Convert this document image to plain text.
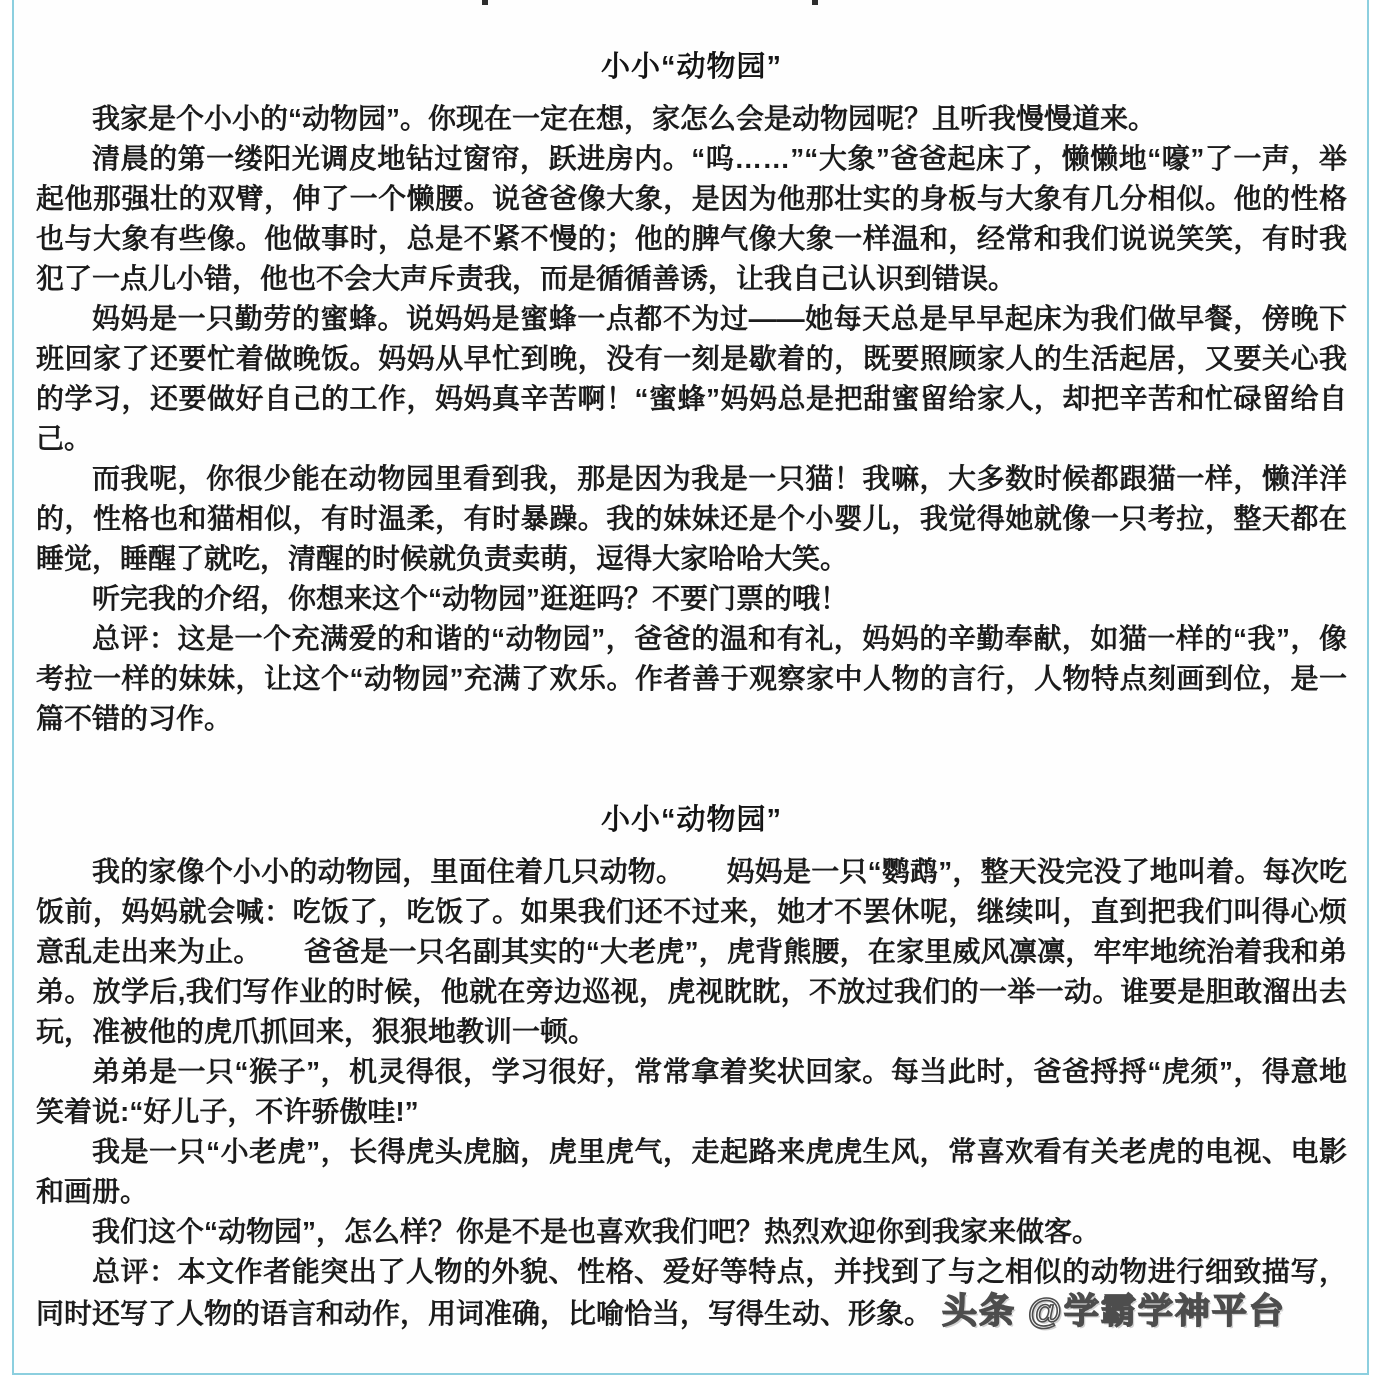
小小“动物园”

我家是个小小的“动物园”。你现在一定在想，家怎么会是动物园呢？且听我慢慢道来。

清晨的第一缕阳光调皮地钻过窗帘，跃进房内。“呜……”“大象”爸爸起床了，懒懒地“嚎”了一声，举起他那强壮的双臂，伸了一个懒腰。说爸爸像大象，是因为他那壮实的身板与大象有几分相似。他的性格也与大象有些像。他做事时，总是不紧不慢的；他的脾气像大象一样温和，经常和我们说说笑笑，有时我犯了一点儿小错，他也不会大声斥责我，而是循循善诱，让我自己认识到错误。

妈妈是一只勤劳的蜜蜂。说妈妈是蜜蜂一点都不为过——她每天总是早早起床为我们做早餐，傍晚下班回家了还要忙着做晚饭。妈妈从早忙到晚，没有一刻是歇着的，既要照顾家人的生活起居，又要关心我的学习，还要做好自己的工作，妈妈真辛苦啊！“蜜蜂”妈妈总是把甜蜜留给家人，却把辛苦和忙碌留给自己。

而我呢，你很少能在动物园里看到我，那是因为我是一只猫！我嘛，大多数时候都跟猫一样，懒洋洋的，性格也和猫相似，有时温柔，有时暴躁。我的妹妹还是个小婴儿，我觉得她就像一只考拉，整天都在睡觉，睡醒了就吃，清醒的时候就负责卖萌，逗得大家哈哈大笑。

听完我的介绍，你想来这个“动物园”逛逛吗？不要门票的哦！

总评：这是一个充满爱的和谐的“动物园”，爸爸的温和有礼，妈妈的辛勤奉献，如猫一样的“我”，像考拉一样的妹妹，让这个“动物园”充满了欢乐。作者善于观察家中人物的言行，人物特点刻画到位，是一篇不错的习作。

小小“动物园”

我的家像个小小的动物园，里面住着几只动物。　　妈妈是一只“鹦鹉”，整天没完没了地叫着。每次吃饭前，妈妈就会喊：吃饭了，吃饭了。如果我们还不过来，她才不罢休呢，继续叫，直到把我们叫得心烦意乱走出来为止。　　爸爸是一只名副其实的“大老虎”，虎背熊腰，在家里威风凛凛，牢牢地统治着我和弟弟。放学后,我们写作业的时候，他就在旁边巡视，虎视眈眈，不放过我们的一举一动。谁要是胆敢溜出去玩，准被他的虎爪抓回来，狠狠地教训一顿。

弟弟是一只“猴子”，机灵得很，学习很好，常常拿着奖状回家。每当此时，爸爸捋捋“虎须”，得意地笑着说:“好儿子，不许骄傲哇!”

我是一只“小老虎”，长得虎头虎脑，虎里虎气，走起路来虎虎生风，常喜欢看有关老虎的电视、电影和画册。

我们这个“动物园”，怎么样？你是不是也喜欢我们吧？热烈欢迎你到我家来做客。

总评：本文作者能突出了人物的外貌、性格、爱好等特点，并找到了与之相似的动物进行细致描写，同时还写了人物的语言和动作，用词准确，比喻恰当，写得生动、形象。 头条 @学霸学神平台
